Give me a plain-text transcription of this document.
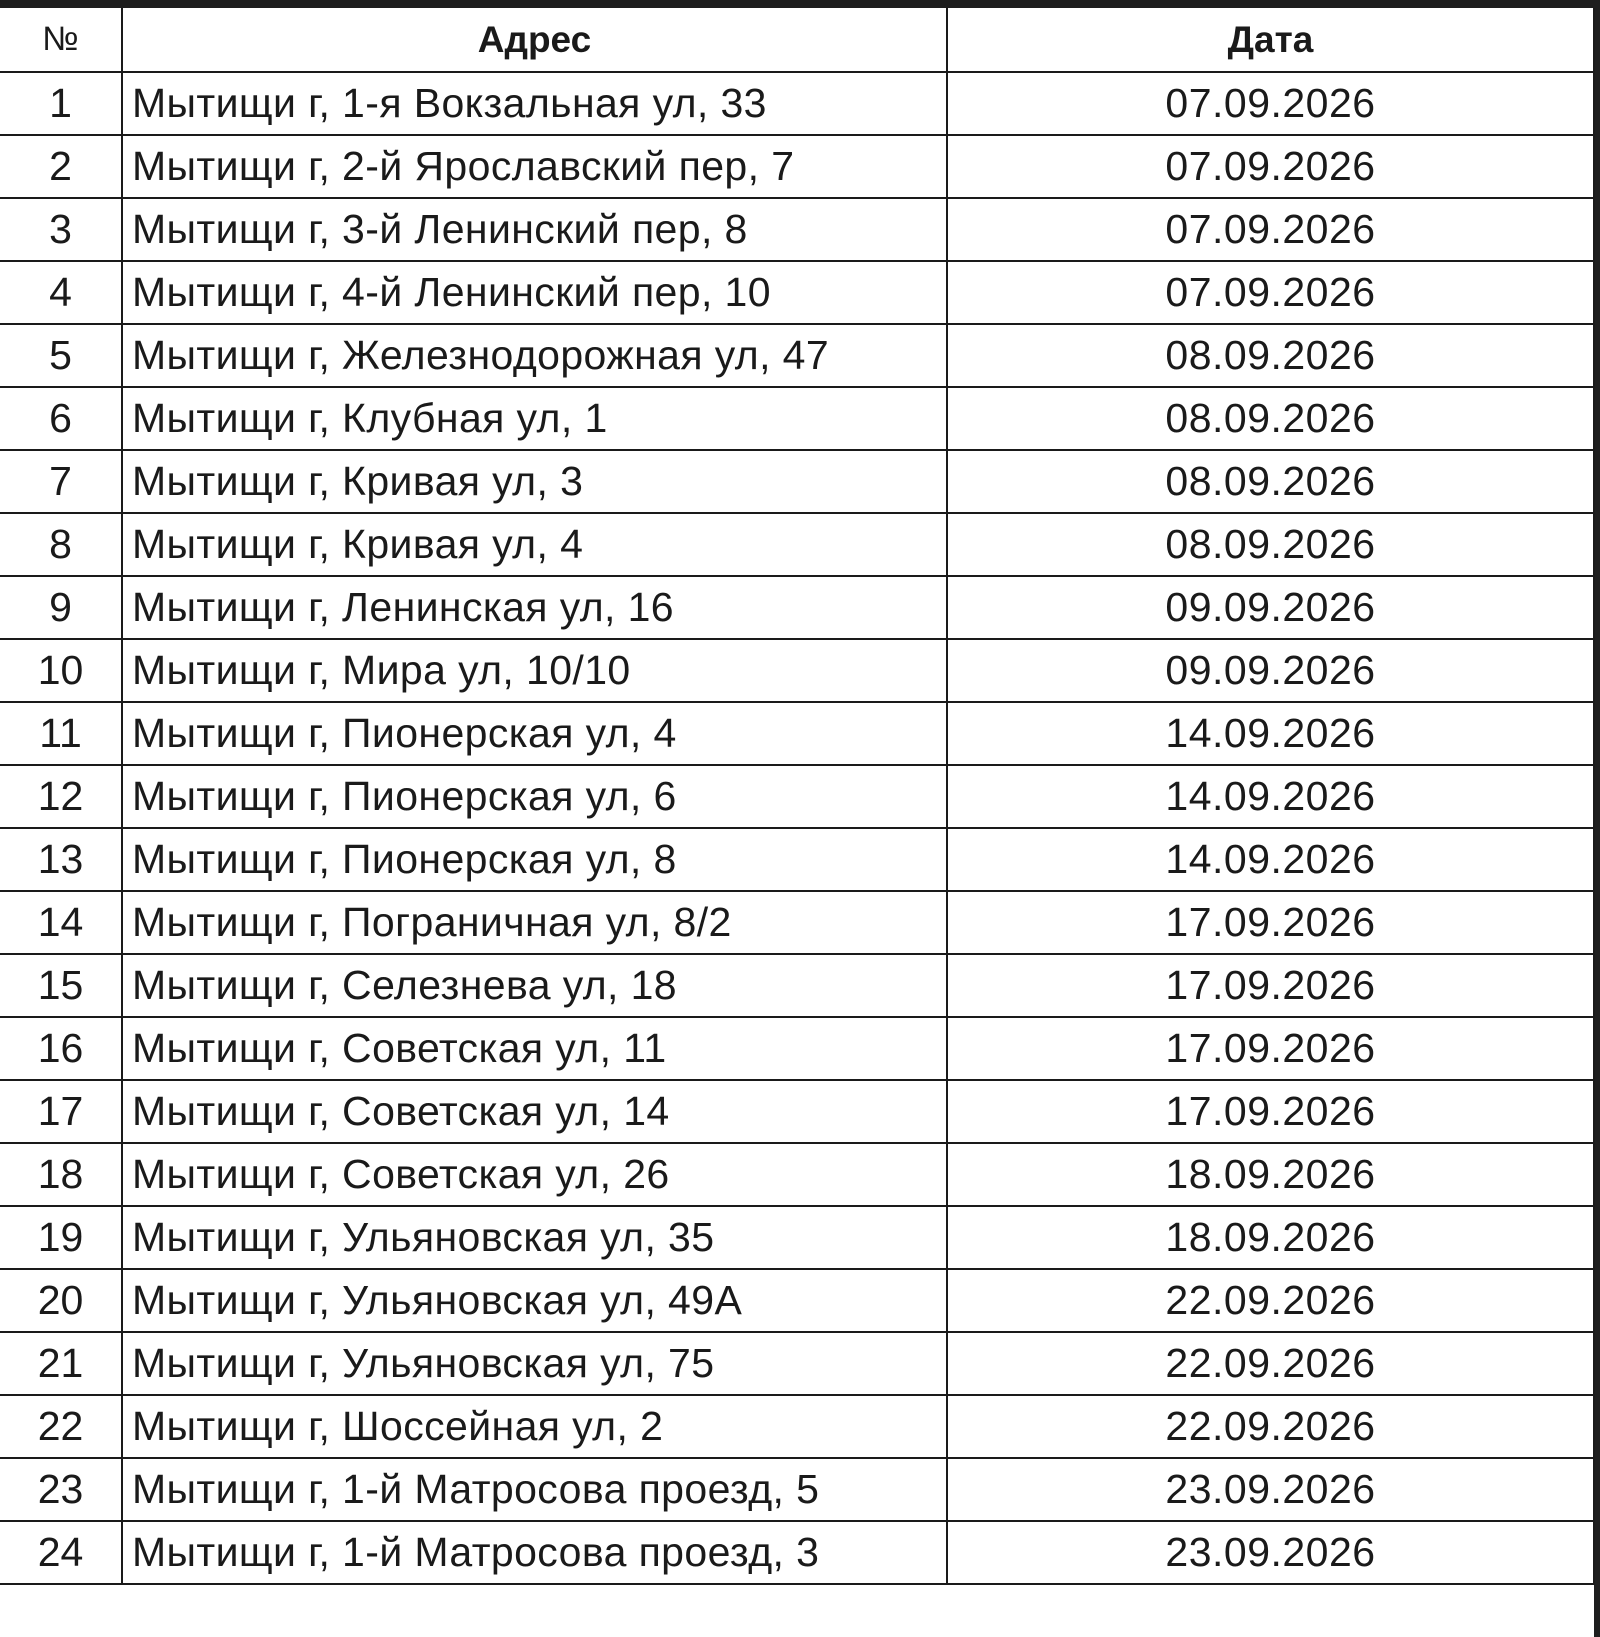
№	Адрес	Дата
1	Мытищи г, 1-я Вокзальная ул, 33	07.09.2026
2	Мытищи г, 2-й Ярославский пер, 7	07.09.2026
3	Мытищи г, 3-й Ленинский пер, 8	07.09.2026
4	Мытищи г, 4-й Ленинский пер, 10	07.09.2026
5	Мытищи г, Железнодорожная ул, 47	08.09.2026
6	Мытищи г, Клубная ул, 1	08.09.2026
7	Мытищи г, Кривая ул, 3	08.09.2026
8	Мытищи г, Кривая ул, 4	08.09.2026
9	Мытищи г, Ленинская ул, 16	09.09.2026
10	Мытищи г, Мира ул, 10/10	09.09.2026
11	Мытищи г, Пионерская ул, 4	14.09.2026
12	Мытищи г, Пионерская ул, 6	14.09.2026
13	Мытищи г, Пионерская ул, 8	14.09.2026
14	Мытищи г, Пограничная ул, 8/2	17.09.2026
15	Мытищи г, Селезнева ул, 18	17.09.2026
16	Мытищи г, Советская ул, 11	17.09.2026
17	Мытищи г, Советская ул, 14	17.09.2026
18	Мытищи г, Советская ул, 26	18.09.2026
19	Мытищи г, Ульяновская ул, 35	18.09.2026
20	Мытищи г, Ульяновская ул, 49А	22.09.2026
21	Мытищи г, Ульяновская ул, 75	22.09.2026
22	Мытищи г, Шоссейная ул, 2	22.09.2026
23	Мытищи г, 1-й Матросова проезд, 5	23.09.2026
24	Мытищи г, 1-й Матросова проезд, 3	23.09.2026
